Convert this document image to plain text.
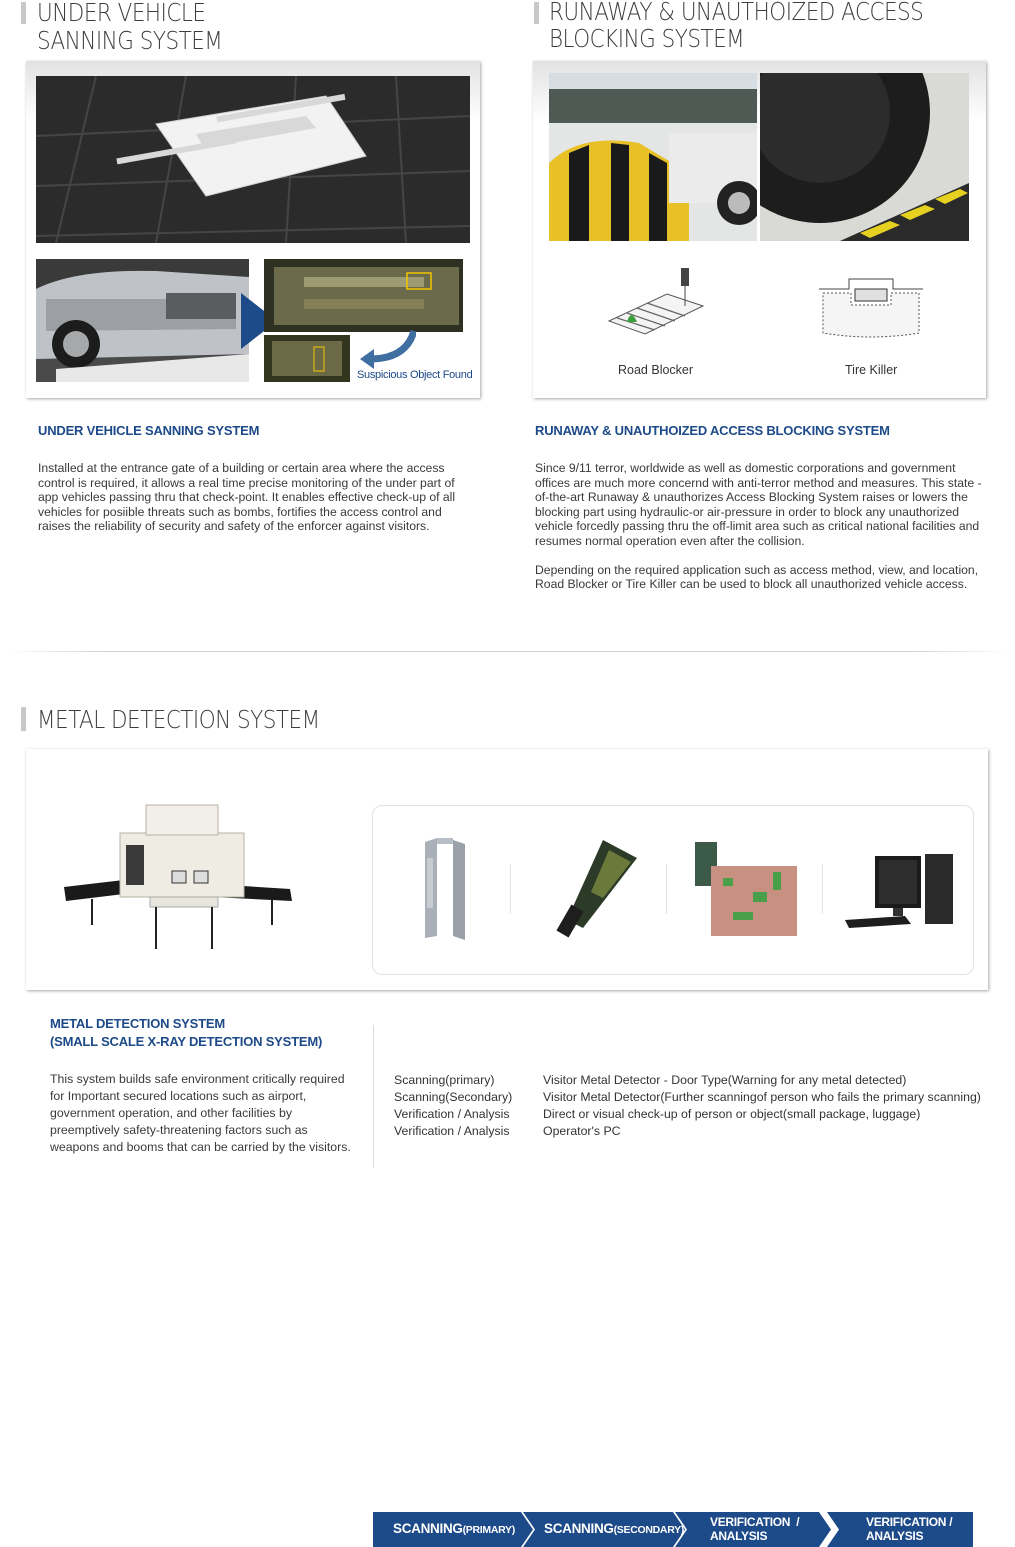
UNDER VEHICLE
SANNING SYSTEM
Suspicious Object Found
UNDER VEHICLE SANNING SYSTEM
Installed at the entrance gate of a building or certain area where the access control is required, it allows a real time precise monitoring of the under part of app vehicles passing thru that check-point. It enables effective check-up of all vehicles for posiible threats such as bombs, fortifies the access control and raises the reliability of security and safety of the enforcer against visitors.
RUNAWAY & UNAUTHOIZED ACCESS
BLOCKING SYSTEM
Road Blocker	Tire Killer
RUNAWAY & UNAUTHOIZED ACCESS BLOCKING SYSTEM

Since 9/11 terror, worldwide as well as domestic corporations and government offices are much more concernd with anti-terror method and measures. This state -of-the-art Runaway & unauthorizes Access Blocking System raises or lowers the blocking part using hydraulic-or air-pressure in order to block any unauthorized vehicle forcedly passing thru the off-limit area such as critical national facilities and resumes normal operation even after the collision.

Depending on the required application such as access method, view, and location, Road Blocker or Tire Killer can be used to block all unauthorized vehicle access.

METAL DETECTION SYSTEM
SCANNING(PRIMARY) SCANNING(SECONDARY)
VERIFICATION  /
ANALYSIS
VERIFICATION /
ANALYSIS
METAL DETECTION SYSTEM
(SMALL SCALE X-RAY DETECTION SYSTEM)
This system builds safe environment critically required for Important secured locations such as airport, government operation, and other facilities by preemptively safety-threatening factors such as weapons and booms that can be carried by the visitors.
Scanning(primary)	Visitor Metal Detector - Door Type(Warning for any metal detected)
Scanning(Secondary) Visitor Metal Detector(Further scanningof person who fails the primary scanning)
Verification / Analysis	Direct or visual check-up of person or object(small package, luggage)
Verification / Analysis	Operator's PC
